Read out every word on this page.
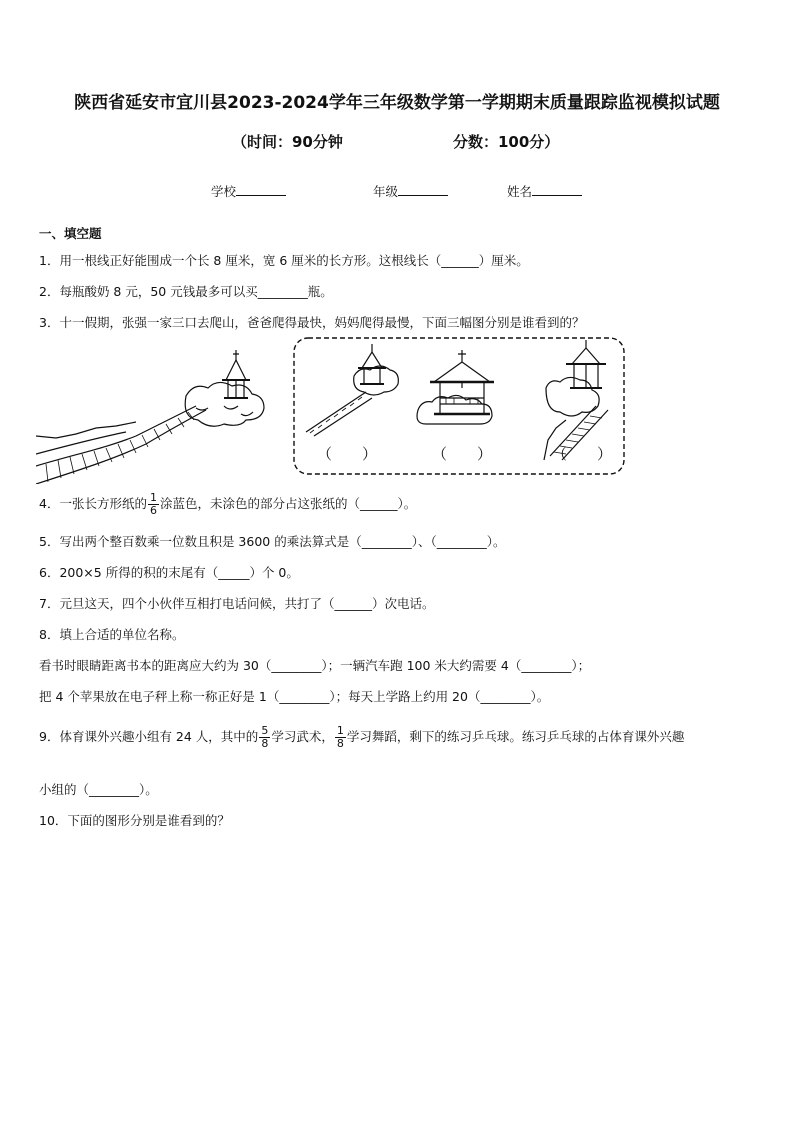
陕西省延安市宜川县2023-2024学年三年级数学第一学期期末质量跟踪监视模拟试题
（时间：90分钟	分数：100分）
学校	年级	姓名
一、填空题
1．用一根线正好能围成一个长 8 厘米，宽 6 厘米的长方形。这根线长（______）厘米。
2．每瓶酸奶 8 元，50 元钱最多可以买________瓶。
3．十一假期，张强一家三口去爬山，爸爸爬得最快，妈妈爬得最慢，下面三幅图分别是谁看到的？
（　　）	（　　）	（　　）
4．一张长方形纸的 $\frac{1}{6}$ 涂蓝色，未涂色的部分占这张纸的（______）。
5．写出两个整百数乘一位数且积是 3600 的乘法算式是（________）、（________）。
6．200×5 所得的积的末尾有（_____）个 0。
7．元旦这天，四个小伙伴互相打电话问候，共打了（______）次电话。
8．填上合适的单位名称。
看书时眼睛距离书本的距离应大约为 30（________）；一辆汽车跑 100 米大约需要 4（________）；
把 4 个苹果放在电子秤上称一称正好是 1（________）；每天上学路上约用 20（________）。
9．体育课外兴趣小组有 24 人，其中的 $\frac{5}{8}$ 学习武术， $\frac{1}{8}$ 学习舞蹈，剩下的练习乒乓球。练习乒乓球的占体育课外兴趣
小组的（________）。
10．下面的图形分别是谁看到的？
